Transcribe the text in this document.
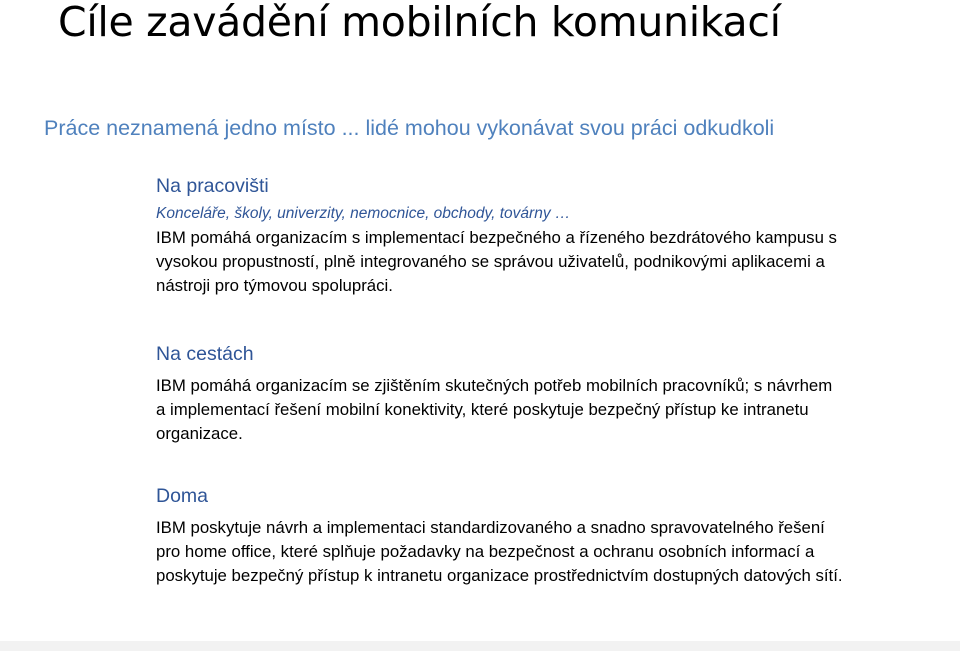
Cíle zavádění mobilních komunikací
Práce neznamená jedno místo ... lidé mohou vykonávat svou práci odkudkoli

Na pracovišti

Konceláře, školy, univerzity, nemocnice, obchody, továrny …

IBM pomáhá organizacím s implementací bezpečného a řízeného bezdrátového kampusu s vysokou propustností, plně integrovaného se správou uživatelů, podnikovými aplikacemi a nástroji pro týmovou spolupráci.

Na cestách

IBM pomáhá organizacím se zjištěním skutečných potřeb mobilních pracovníků; s návrhem a implementací řešení mobilní konektivity, které poskytuje bezpečný přístup ke intranetu organizace.

Doma

IBM poskytuje návrh a implementaci standardizovaného a snadno spravovatelného řešení pro home office, které splňuje požadavky na bezpečnost a ochranu osobních informací a poskytuje bezpečný přístup k intranetu organizace prostřednictvím dostupných datových sítí.
